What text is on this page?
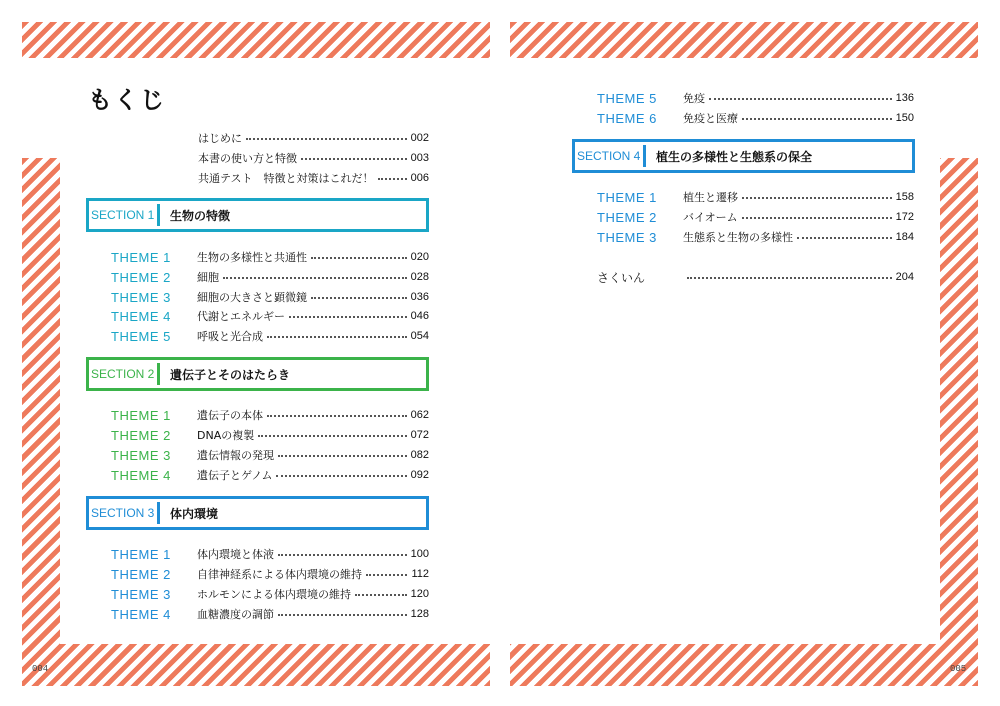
もくじ
はじめに	002
本書の使い方と特徴	003
共通テスト　特徴と対策はこれだ！	006
SECTION 1 生物の特徴
THEME 1	生物の多様性と共通性	020
THEME 2	細胞	028
THEME 3	細胞の大きさと顕微鏡	036
THEME 4	代謝とエネルギー	046
THEME 5	呼吸と光合成	054
SECTION 2 遺伝子とそのはたらき
THEME 1	遺伝子の本体	062
THEME 2	DNAの複製	072
THEME 3	遺伝情報の発現	082
THEME 4	遺伝子とゲノム	092
SECTION 3 体内環境
THEME 1	体内環境と体液	100
THEME 2	自律神経系による体内環境の維持	112
THEME 3	ホルモンによる体内環境の維持	120
THEME 4	血糖濃度の調節	128
THEME 5	免疫	136
THEME 6	免疫と医療	150
SECTION 4 植生の多様性と生態系の保全
THEME 1	植生と遷移	158
THEME 2	バイオーム	172
THEME 3	生態系と生物の多様性	184
さくいん	204
004	005
